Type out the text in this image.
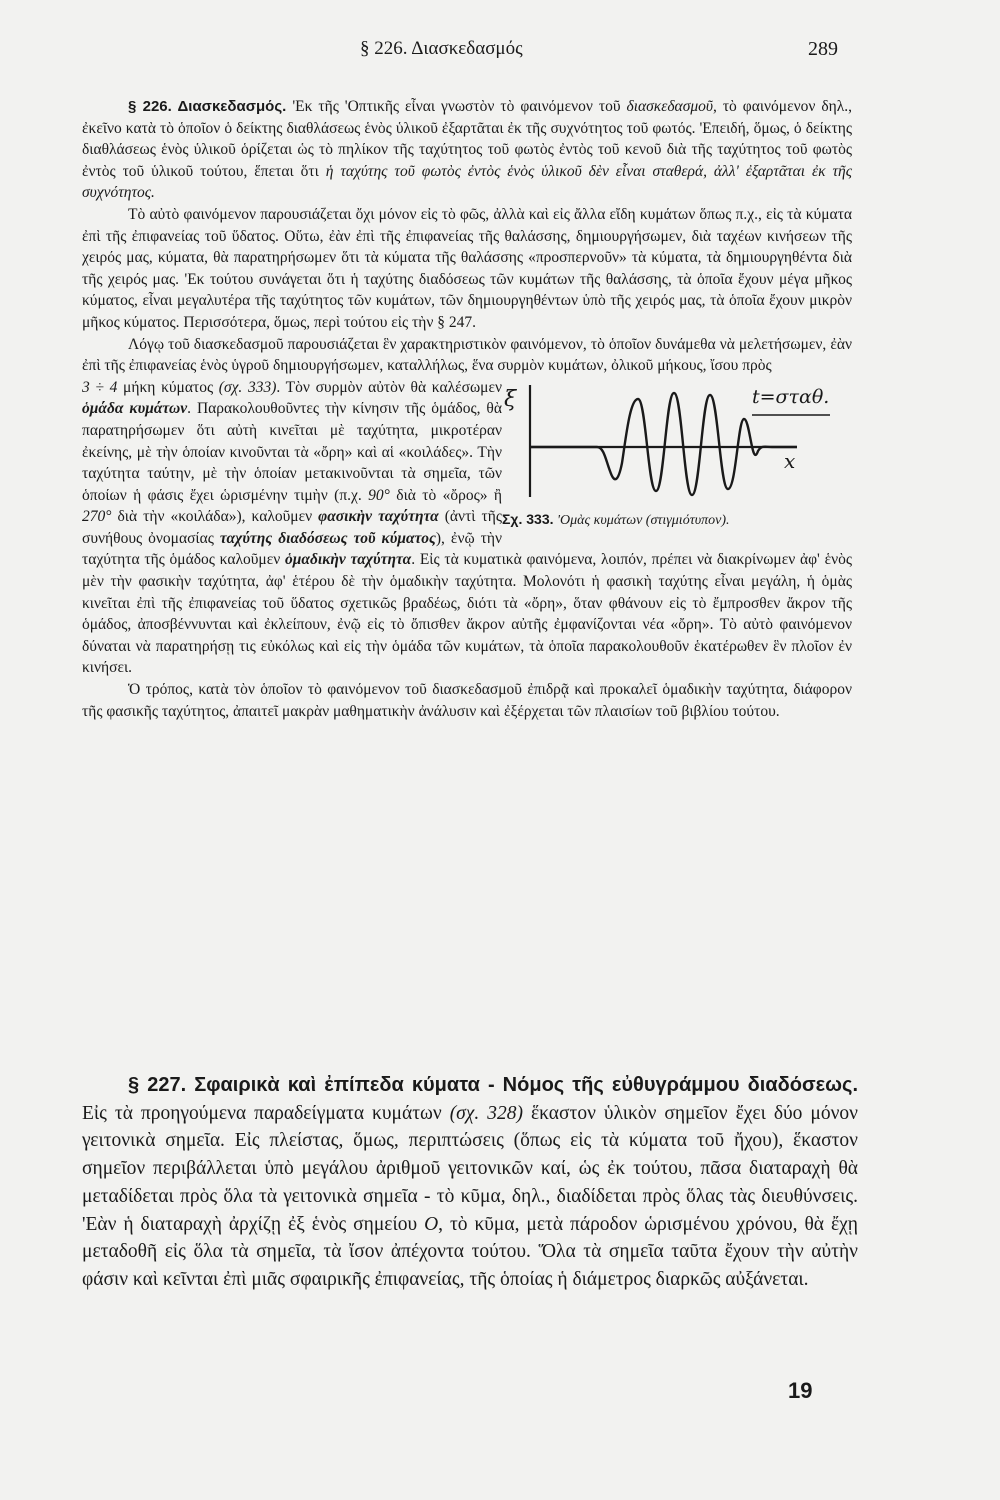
§ 226. Διασκεδασμός	289

§ 226. Διασκεδασμός. 'Εκ τῆς 'Οπτικῆς εἶναι γνωστὸν τὸ φαινόμενον τοῦ διασκεδασμοῦ, τὸ φαινόμενον δηλ., ἐκεῖνο κατὰ τὸ ὁποῖον ὁ δείκτης διαθλάσεως ἑνὸς ὑλικοῦ ἐξαρτᾶται ἐκ τῆς συχνότητος τοῦ φωτός. 'Επειδή, ὅμως, ὁ δείκτης διαθλάσεως ἑνὸς ὑλικοῦ ὁρίζεται ὡς τὸ πηλίκον τῆς ταχύτητος τοῦ φωτὸς ἐντὸς τοῦ κενοῦ διὰ τῆς ταχύτητος τοῦ φωτὸς ἐντὸς τοῦ ὑλικοῦ τούτου, ἕπεται ὅτι ἡ ταχύτης τοῦ φωτὸς ἐντὸς ἑνὸς ὑλικοῦ δὲν εἶναι σταθερά, ἀλλ' ἐξαρτᾶται ἐκ τῆς συχνότητος.

Τὸ αὐτὸ φαινόμενον παρουσιάζεται ὄχι μόνον εἰς τὸ φῶς, ἀλλὰ καὶ εἰς ἄλλα εἴδη κυμάτων ὅπως π.χ., εἰς τὰ κύματα ἐπὶ τῆς ἐπιφανείας τοῦ ὕδατος. Οὕτω, ἐὰν ἐπὶ τῆς ἐπιφανείας τῆς θαλάσσης, δημιουργήσωμεν, διὰ ταχέων κινήσεων τῆς χειρός μας, κύματα, θὰ παρατηρήσωμεν ὅτι τὰ κύματα τῆς θαλάσσης «προσπερνοῦν» τὰ κύματα, τὰ δημιουργηθέντα διὰ τῆς χειρός μας. 'Εκ τούτου συνάγεται ὅτι ἡ ταχύτης διαδόσεως τῶν κυμάτων τῆς θαλάσσης, τὰ ὁποῖα ἔχουν μέγα μῆκος κύματος, εἶναι μεγαλυτέρα τῆς ταχύτητος τῶν κυμάτων, τῶν δημιουργηθέντων ὑπὸ τῆς χειρός μας, τὰ ὁποῖα ἔχουν μικρὸν μῆκος κύματος. Περισσότερα, ὅμως, περὶ τούτου εἰς τὴν § 247.

Λόγῳ τοῦ διασκεδασμοῦ παρουσιάζεται ἓν χαρακτηριστικὸν φαινόμενον, τὸ ὁποῖον δυνάμεθα νὰ μελετήσωμεν, ἐὰν ἐπὶ τῆς ἐπιφανείας ἑνὸς ὑγροῦ δημιουργήσωμεν, καταλλήλως, ἕνα συρμὸν κυμάτων, ὀλικοῦ μήκους, ἴσου πρὸς

ξ
x
t=σταθ.
Σχ. 333. 'Ομὰς κυμάτων (στιγμιότυπον).

3 ÷ 4 μήκη κύματος (σχ. 333). Τὸν συρμὸν αὐτὸν θὰ καλέσωμεν ὁμάδα κυμάτων. Παρακολουθοῦντες τὴν κίνησιν τῆς ὁμάδος, θὰ παρατηρήσωμεν ὅτι αὐτὴ κινεῖται μὲ ταχύτητα, μικροτέραν ἐκείνης, μὲ τὴν ὁποίαν κινοῦνται τὰ «ὄρη» καὶ αἱ «κοιλάδες». Τὴν ταχύτητα ταύτην, μὲ τὴν ὁποίαν μετακινοῦνται τὰ σημεῖα, τῶν ὁποίων ἡ φάσις ἔχει ὡρισμένην τιμὴν (π.χ. 90° διὰ τὸ «ὄρος» ἢ 270° διὰ τὴν «κοιλάδα»), καλοῦμεν φασικὴν ταχύτητα (ἀντὶ τῆς συνήθους ὀνομασίας ταχύτης διαδόσεως τοῦ κύματος), ἐνῷ τὴν ταχύτητα τῆς ὁμάδος καλοῦμεν ὁμαδικὴν ταχύτητα. Εἰς τὰ κυματικὰ φαινόμενα, λοιπόν, πρέπει νὰ διακρίνωμεν ἀφ' ἑνὸς μὲν τὴν φασικὴν ταχύτητα, ἀφ' ἑτέρου δὲ τὴν ὁμαδικὴν ταχύτητα. Μολονότι ἡ φασικὴ ταχύτης εἶναι μεγάλη, ἡ ὁμὰς κινεῖται ἐπὶ τῆς ἐπιφανείας τοῦ ὕδατος σχετικῶς βραδέως, διότι τὰ «ὄρη», ὅταν φθάνουν εἰς τὸ ἔμπροσθεν ἄκρον τῆς ὁμάδος, ἀποσβέννυνται καὶ ἐκλείπουν, ἐνῷ εἰς τὸ ὄπισθεν ἄκρον αὐτῆς ἐμφανίζονται νέα «ὄρη». Τὸ αὐτὸ φαινόμενον δύναται νὰ παρατηρήσῃ τις εὐκόλως καὶ εἰς τὴν ὁμάδα τῶν κυμάτων, τὰ ὁποῖα παρακολουθοῦν ἑκατέρωθεν ἓν πλοῖον ἐν κινήσει.

Ὁ τρόπος, κατὰ τὸν ὁποῖον τὸ φαινόμενον τοῦ διασκεδασμοῦ ἐπιδρᾷ καὶ προκαλεῖ ὁμαδικὴν ταχύτητα, διάφορον τῆς φασικῆς ταχύτητος, ἀπαιτεῖ μακρὰν μαθηματικὴν ἀνάλυσιν καὶ ἐξέρχεται τῶν πλαισίων τοῦ βιβλίου τούτου.

§ 227. Σφαιρικὰ καὶ ἐπίπεδα κύματα - Νόμος τῆς εὐθυγράμμου διαδόσεως. Εἰς τὰ προηγούμενα παραδείγματα κυμάτων (σχ. 328) ἕκαστον ὑλικὸν σημεῖον ἔχει δύο μόνον γειτονικὰ σημεῖα. Εἰς πλείστας, ὅμως, περιπτώσεις (ὅπως εἰς τὰ κύματα τοῦ ἤχου), ἕκαστον σημεῖον περιβάλλεται ὑπὸ μεγάλου ἀριθμοῦ γειτονικῶν καί, ὡς ἐκ τούτου, πᾶσα διαταραχὴ θὰ μεταδίδεται πρὸς ὅλα τὰ γειτονικὰ σημεῖα - τὸ κῦμα, δηλ., διαδίδεται πρὸς ὅλας τὰς διευθύνσεις. 'Εὰν ἡ διαταραχὴ ἀρχίζῃ ἐξ ἑνὸς σημείου O, τὸ κῦμα, μετὰ πάροδον ὡρισμένου χρόνου, θὰ ἔχῃ μεταδοθῆ εἰς ὅλα τὰ σημεῖα, τὰ ἴσον ἀπέχοντα τούτου. Ὅλα τὰ σημεῖα ταῦτα ἔχουν τὴν αὐτὴν φάσιν καὶ κεῖνται ἐπὶ μιᾶς σφαιρικῆς ἐπιφανείας, τῆς ὁποίας ἡ διάμετρος διαρκῶς αὐξάνεται.

19
